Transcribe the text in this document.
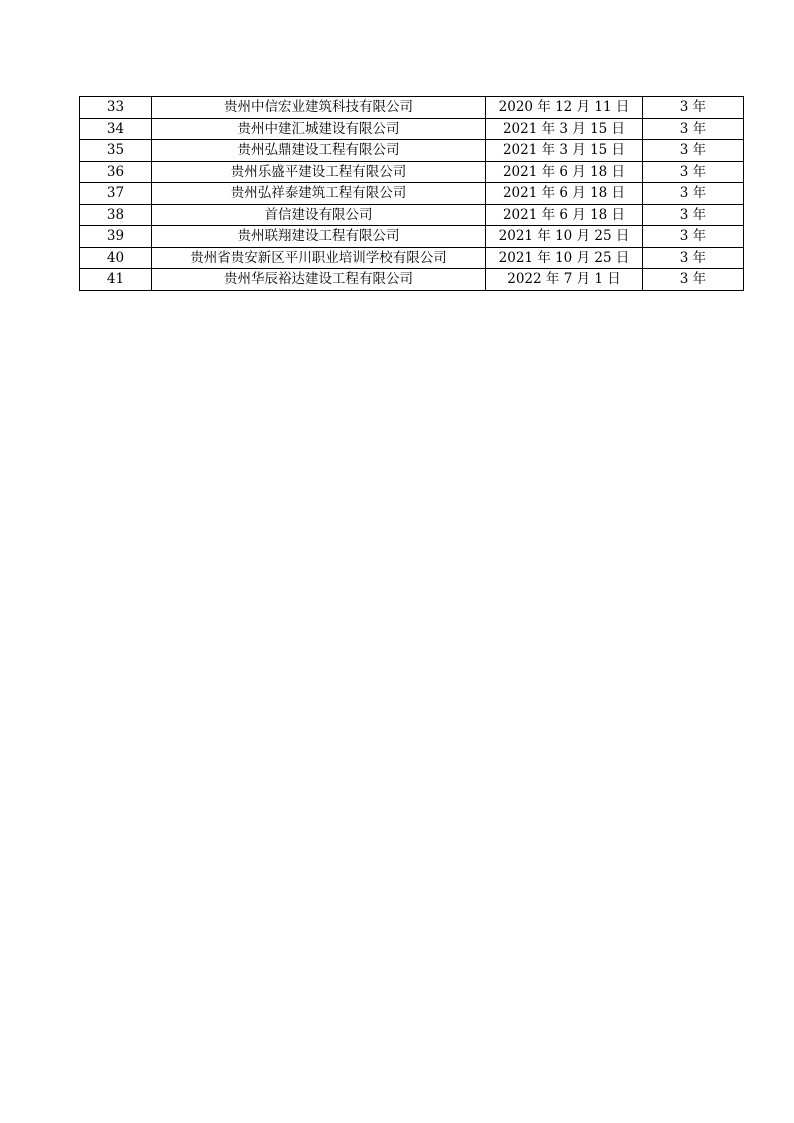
33	贵州中信宏业建筑科技有限公司	2020 年 12 月 11 日	3 年
34	贵州中建汇城建设有限公司	2021 年 3 月 15 日	3 年
35	贵州弘鼎建设工程有限公司	2021 年 3 月 15 日	3 年
36	贵州乐盛平建设工程有限公司	2021 年 6 月 18 日	3 年
37	贵州弘祥泰建筑工程有限公司	2021 年 6 月 18 日	3 年
38	首信建设有限公司	2021 年 6 月 18 日	3 年
39	贵州联翔建设工程有限公司	2021 年 10 月 25 日	3 年
40	贵州省贵安新区平川职业培训学校有限公司	2021 年 10 月 25 日	3 年
41	贵州华辰裕达建设工程有限公司	2022 年 7 月 1 日	3 年
